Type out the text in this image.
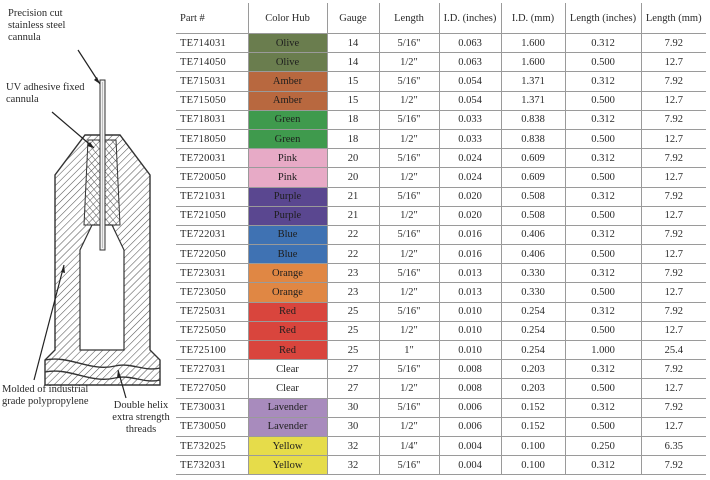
Precision cut stainless steel cannula
UV adhesive fixed cannula
Molded of industrial grade polypropylene	Double helix extra strength threads
Part #	Color Hub	Gauge	Length	I.D. (inches)	I.D. (mm)	Length (inches)	Length (mm)
TE714031	Olive	14	5/16"	0.063	1.600	0.312	7.92
TE714050	Olive	14	1/2"	0.063	1.600	0.500	12.7
TE715031	Amber	15	5/16"	0.054	1.371	0.312	7.92
TE715050	Amber	15	1/2"	0.054	1.371	0.500	12.7
TE718031	Green	18	5/16"	0.033	0.838	0.312	7.92
TE718050	Green	18	1/2"	0.033	0.838	0.500	12.7
TE720031	Pink	20	5/16"	0.024	0.609	0.312	7.92
TE720050	Pink	20	1/2"	0.024	0.609	0.500	12.7
TE721031	Purple	21	5/16"	0.020	0.508	0.312	7.92
TE721050	Purple	21	1/2"	0.020	0.508	0.500	12.7
TE722031	Blue	22	5/16"	0.016	0.406	0.312	7.92
TE722050	Blue	22	1/2"	0.016	0.406	0.500	12.7
TE723031	Orange	23	5/16"	0.013	0.330	0.312	7.92
TE723050	Orange	23	1/2"	0.013	0.330	0.500	12.7
TE725031	Red	25	5/16"	0.010	0.254	0.312	7.92
TE725050	Red	25	1/2"	0.010	0.254	0.500	12.7
TE725100	Red	25	1"	0.010	0.254	1.000	25.4
TE727031	Clear	27	5/16"	0.008	0.203	0.312	7.92
TE727050	Clear	27	1/2"	0.008	0.203	0.500	12.7
TE730031	Lavender	30	5/16"	0.006	0.152	0.312	7.92
TE730050	Lavender	30	1/2"	0.006	0.152	0.500	12.7
TE732025	Yellow	32	1/4"	0.004	0.100	0.250	6.35
TE732031	Yellow	32	5/16"	0.004	0.100	0.312	7.92
